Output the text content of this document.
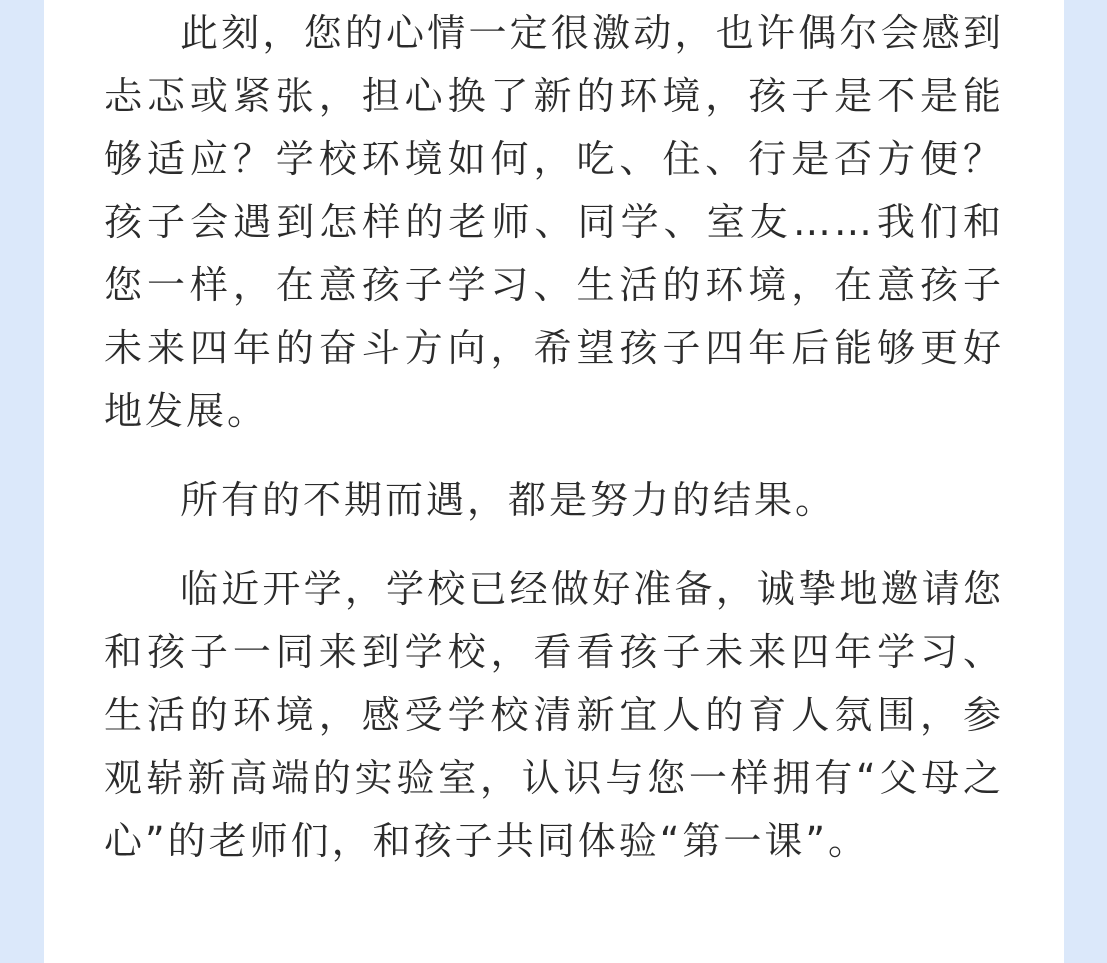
此刻，您的心情一定很激动，也许偶尔会感到忐忑或紧张，担心换了新的环境，孩子是不是能够适应？学校环境如何，吃、住、行是否方便？孩子会遇到怎样的老师、同学、室友……我们和您一样，在意孩子学习、生活的环境，在意孩子未来四年的奋斗方向，希望孩子四年后能够更好地发展。

所有的不期而遇，都是努力的结果。

临近开学，学校已经做好准备，诚挚地邀请您和孩子一同来到学校，看看孩子未来四年学习、生活的环境，感受学校清新宜人的育人氛围，参观崭新高端的实验室，认识与您一样拥有“父母之心”的老师们，和孩子共同体验“第一课”。
